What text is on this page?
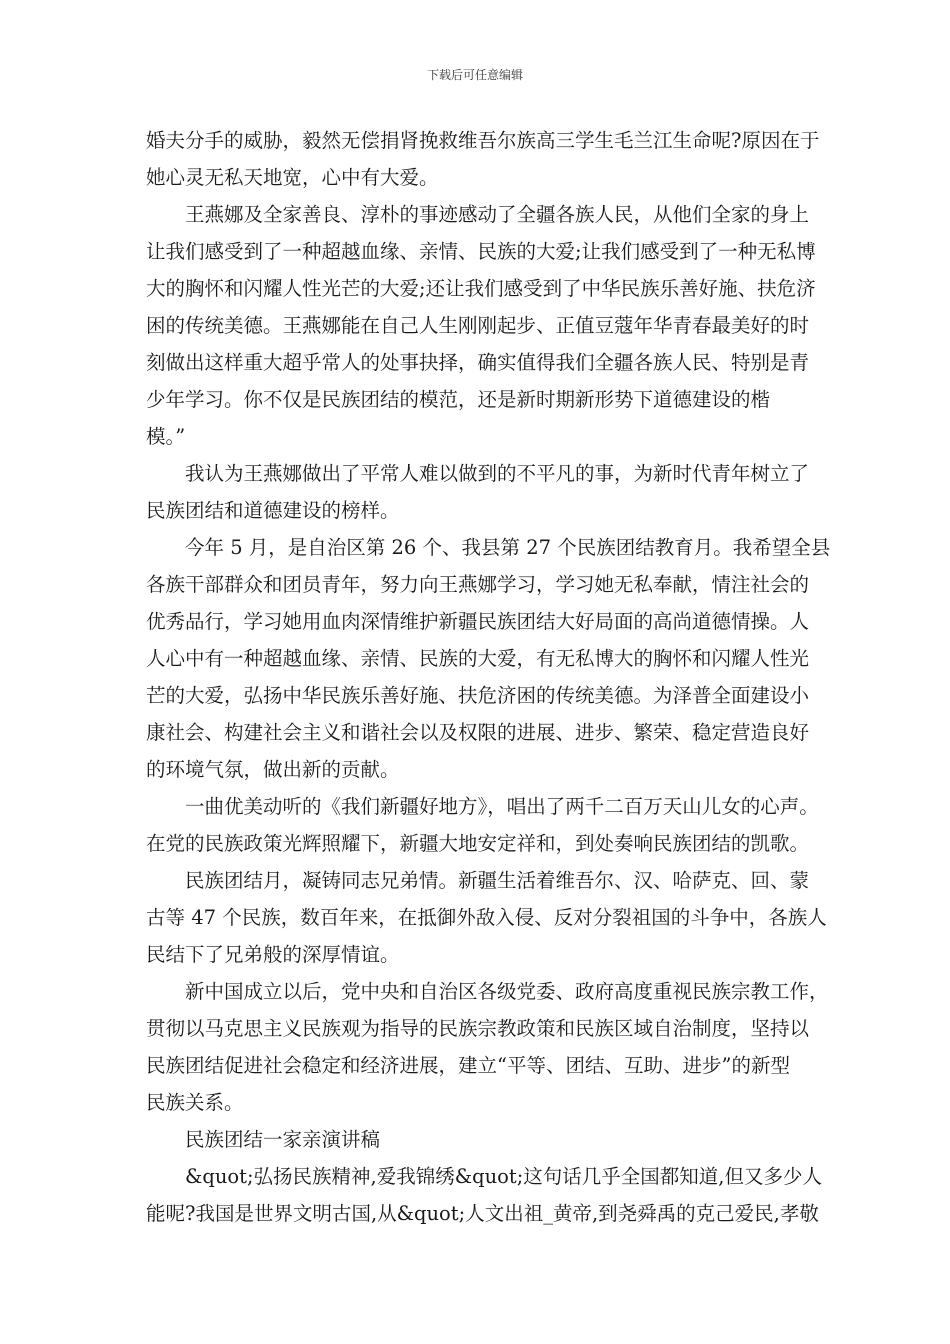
下载后可任意编辑
婚夫分手的威胁，毅然无偿捐肾挽救维吾尔族高三学生毛兰江生命呢?原因在于
她心灵无私天地宽，心中有大爱。
王燕娜及全家善良、淳朴的事迹感动了全疆各族人民，从他们全家的身上
让我们感受到了一种超越血缘、亲情、民族的大爱;让我们感受到了一种无私博
大的胸怀和闪耀人性光芒的大爱;还让我们感受到了中华民族乐善好施、扶危济
困的传统美德。王燕娜能在自己人生刚刚起步、正值豆蔻年华青春最美好的时
刻做出这样重大超乎常人的处事抉择，确实值得我们全疆各族人民、特别是青
少年学习。你不仅是民族团结的模范，还是新时期新形势下道德建设的楷
模。”
我认为王燕娜做出了平常人难以做到的不平凡的事，为新时代青年树立了
民族团结和道德建设的榜样。
今年 5 月，是自治区第 26 个、我县第 27 个民族团结教育月。我希望全县
各族干部群众和团员青年，努力向王燕娜学习，学习她无私奉献，情注社会的
优秀品行，学习她用血肉深情维护新疆民族团结大好局面的高尚道德情操。人
人心中有一种超越血缘、亲情、民族的大爱，有无私博大的胸怀和闪耀人性光
芒的大爱，弘扬中华民族乐善好施、扶危济困的传统美德。为泽普全面建设小
康社会、构建社会主义和谐社会以及权限的进展、进步、繁荣、稳定营造良好
的环境气氛，做出新的贡献。
一曲优美动听的《我们新疆好地方》，唱出了两千二百万天山儿女的心声。
在党的民族政策光辉照耀下，新疆大地安定祥和，到处奏响民族团结的凯歌。
民族团结月，凝铸同志兄弟情。新疆生活着维吾尔、汉、哈萨克、回、蒙
古等 47 个民族，数百年来，在抵御外敌入侵、反对分裂祖国的斗争中，各族人
民结下了兄弟般的深厚情谊。
新中国成立以后，党中央和自治区各级党委、政府高度重视民族宗教工作，
贯彻以马克思主义民族观为指导的民族宗教政策和民族区域自治制度，坚持以
民族团结促进社会稳定和经济进展，建立“平等、团结、互助、进步”的新型
民族关系。
民族团结一家亲演讲稿
&quot;弘扬民族精神,爱我锦绣&quot;这句话几乎全国都知道,但又多少人
能呢?我国是世界文明古国,从&quot;人文出祖_黄帝,到尧舜禹的克己爱民,孝敬
